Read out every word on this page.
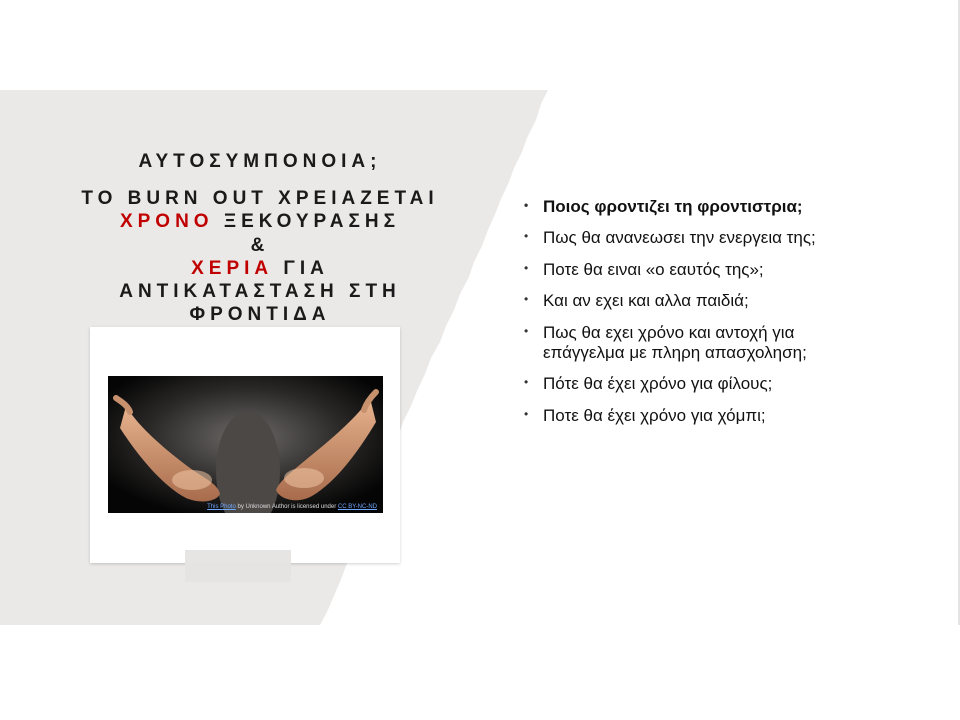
ΑΥΤΟΣΥΜΠΟΝΟΙΑ;
ΤΟ BURN OUT ΧΡΕΙΑΖΕΤΑΙ
ΧΡΟΝΟ ΞΕΚΟΥΡΑΣΗΣ
&
ΧΕΡΙΑ ΓΙΑ
ΑΝΤΙΚΑΤΑΣΤΑΣΗ ΣΤΗ
ΦΡΟΝΤΙΔΑ
This Photo by Unknown Author is licensed under CC BY-NC-ND
• Ποιος φροντιζει τη φροντιστρια;
• Πως θα ανανεωσει την ενεργεια της;
• Ποτε θα ειναι «ο εαυτός της»;
• Και αν εχει και αλλα παιδιά;
• Πως θα εχει χρόνο και αντοχή για επάγγελμα με πληρη απασχοληση;
• Πότε θα έχει χρόνο για φίλους;
• Ποτε θα έχει χρόνο για χόμπι;
